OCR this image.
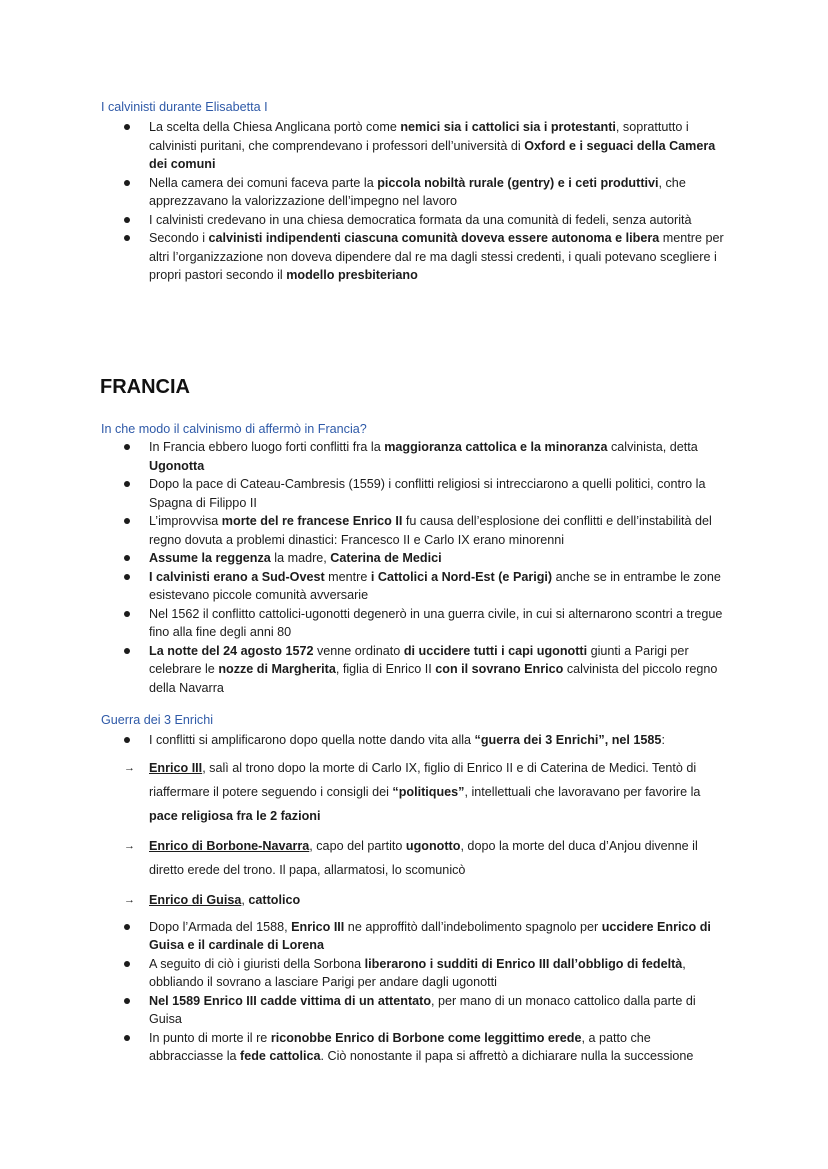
I calvinisti durante Elisabetta I
La scelta della Chiesa Anglicana portò come nemici sia i cattolici sia i protestanti, soprattutto i calvinisti puritani, che comprendevano i professori dell’università di Oxford e i seguaci della Camera dei comuni
Nella camera dei comuni faceva parte la piccola nobiltà rurale (gentry) e i ceti produttivi, che apprezzavano la valorizzazione dell’impegno nel lavoro
I calvinisti credevano in una chiesa democratica formata da una comunità di fedeli, senza autorità
Secondo i calvinisti indipendenti ciascuna comunità doveva essere autonoma e libera mentre per altri l’organizzazione non doveva dipendere dal re ma dagli stessi credenti, i quali potevano scegliere i propri pastori secondo il modello presbiteriano
FRANCIA
In che modo il calvinismo di affermò in Francia?
In Francia ebbero luogo forti conflitti fra la maggioranza cattolica e la minoranza calvinista, detta Ugonotta
Dopo la pace di Cateau-Cambresis (1559) i conflitti religiosi si intrecciarono a quelli politici, contro la Spagna di Filippo II
L’improvvisa morte del re francese Enrico II fu causa dell’esplosione dei conflitti e dell’instabilità del regno dovuta a problemi dinastici: Francesco II e Carlo IX erano minorenni
Assume la reggenza la madre, Caterina de Medici
I calvinisti erano a Sud-Ovest mentre i Cattolici a Nord-Est (e Parigi) anche se in entrambe le zone esistevano piccole comunità avversarie
Nel 1562 il conflitto cattolici-ugonotti degenerò in una guerra civile, in cui si alternarono scontri a tregue fino alla fine degli anni 80
La notte del 24 agosto 1572 venne ordinato di uccidere tutti i capi ugonotti giunti a Parigi per celebrare le nozze di Margherita, figlia di Enrico II con il sovrano Enrico calvinista del piccolo regno della Navarra
Guerra dei 3 Enrichi
I conflitti si amplificarono dopo quella notte dando vita alla “guerra dei 3 Enrichi”, nel 1585:
→ Enrico III, salì al trono dopo la morte di Carlo IX, figlio di Enrico II e di Caterina de Medici. Tentò di riaffermare il potere seguendo i consigli dei “politiques”, intellettuali che lavoravano per favorire la pace religiosa fra le 2 fazioni
→ Enrico di Borbone-Navarra, capo del partito ugonotto, dopo la morte del duca d’Anjou divenne il diretto erede del trono. Il papa, allarmatosi, lo scomunicò
→ Enrico di Guisa, cattolico
Dopo l’Armada del 1588, Enrico III ne approffitò dall’indebolimento spagnolo per uccidere Enrico di Guisa e il cardinale di Lorena
A seguito di ciò i giuristi della Sorbona liberarono i sudditi di Enrico III dall’obbligo di fedeltà, obbliando il sovrano a lasciare Parigi per andare dagli ugonotti
Nel 1589 Enrico III cadde vittima di un attentato, per mano di un monaco cattolico dalla parte di Guisa
In punto di morte il re riconobbe Enrico di Borbone come leggittimo erede, a patto che abbracciasse la fede cattolica. Ciò nonostante il papa si affrettò a dichiarare nulla la successione
